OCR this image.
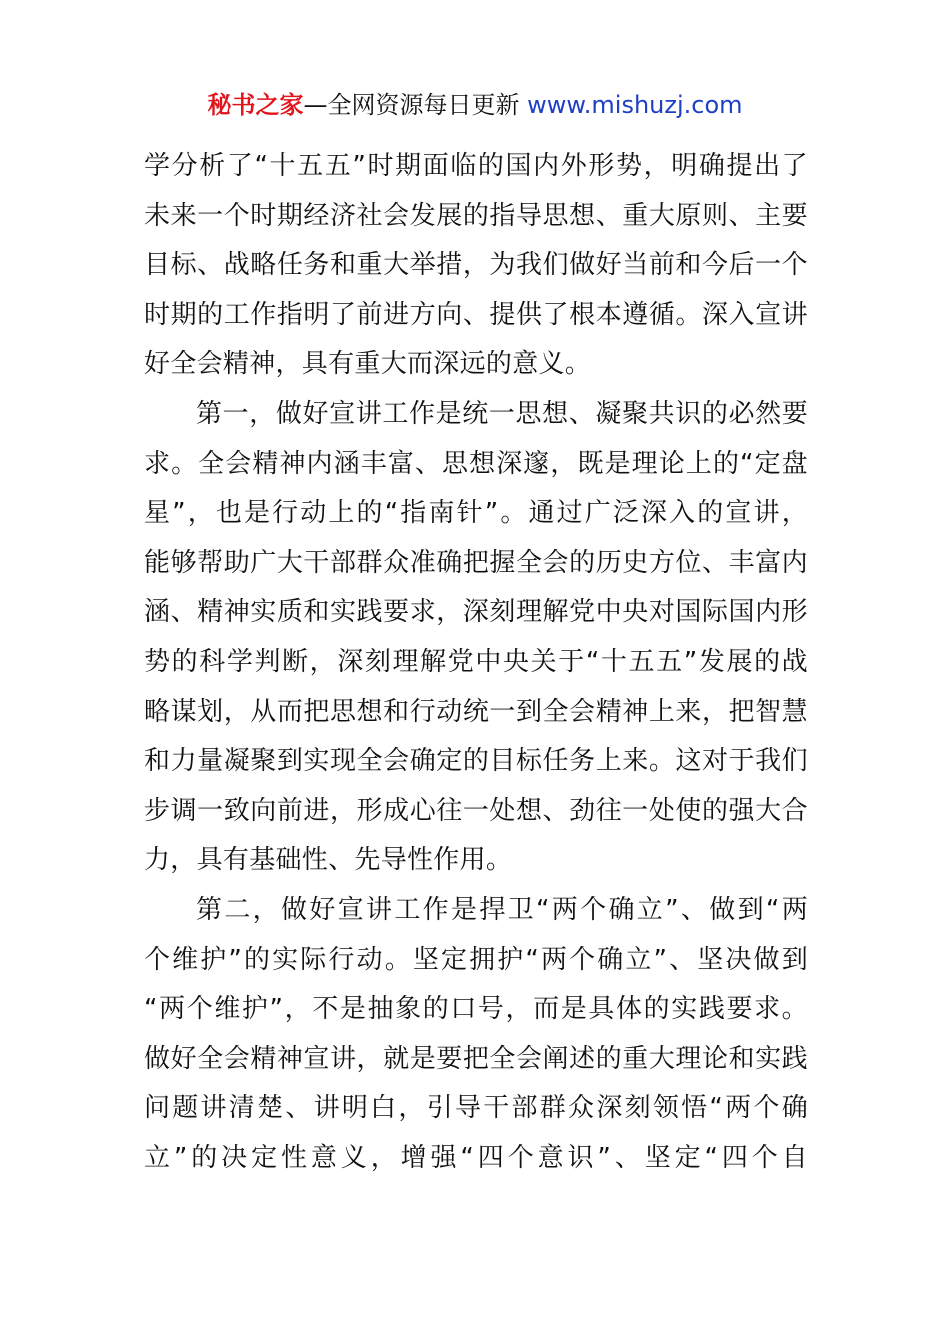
秘书之家—全网资源每日更新 www.mishuzj.com
学分析了“十五五”时期面临的国内外形势，明确提出了
未来一个时期经济社会发展的指导思想、重大原则、主要
目标、战略任务和重大举措，为我们做好当前和今后一个
时期的工作指明了前进方向、提供了根本遵循。深入宣讲
好全会精神，具有重大而深远的意义。
第一，做好宣讲工作是统一思想、凝聚共识的必然要
求。全会精神内涵丰富、思想深邃，既是理论上的“定盘
星”，也是行动上的“指南针”。通过广泛深入的宣讲，
能够帮助广大干部群众准确把握全会的历史方位、丰富内
涵、精神实质和实践要求，深刻理解党中央对国际国内形
势的科学判断，深刻理解党中央关于“十五五”发展的战
略谋划，从而把思想和行动统一到全会精神上来，把智慧
和力量凝聚到实现全会确定的目标任务上来。这对于我们
步调一致向前进，形成心往一处想、劲往一处使的强大合
力，具有基础性、先导性作用。
第二，做好宣讲工作是捍卫“两个确立”、做到“两
个维护”的实际行动。坚定拥护“两个确立”、坚决做到
“两个维护”，不是抽象的口号，而是具体的实践要求。
做好全会精神宣讲，就是要把全会阐述的重大理论和实践
问题讲清楚、讲明白，引导干部群众深刻领悟“两个确
立”的决定性意义，增强“四个意识”、坚定“四个自
